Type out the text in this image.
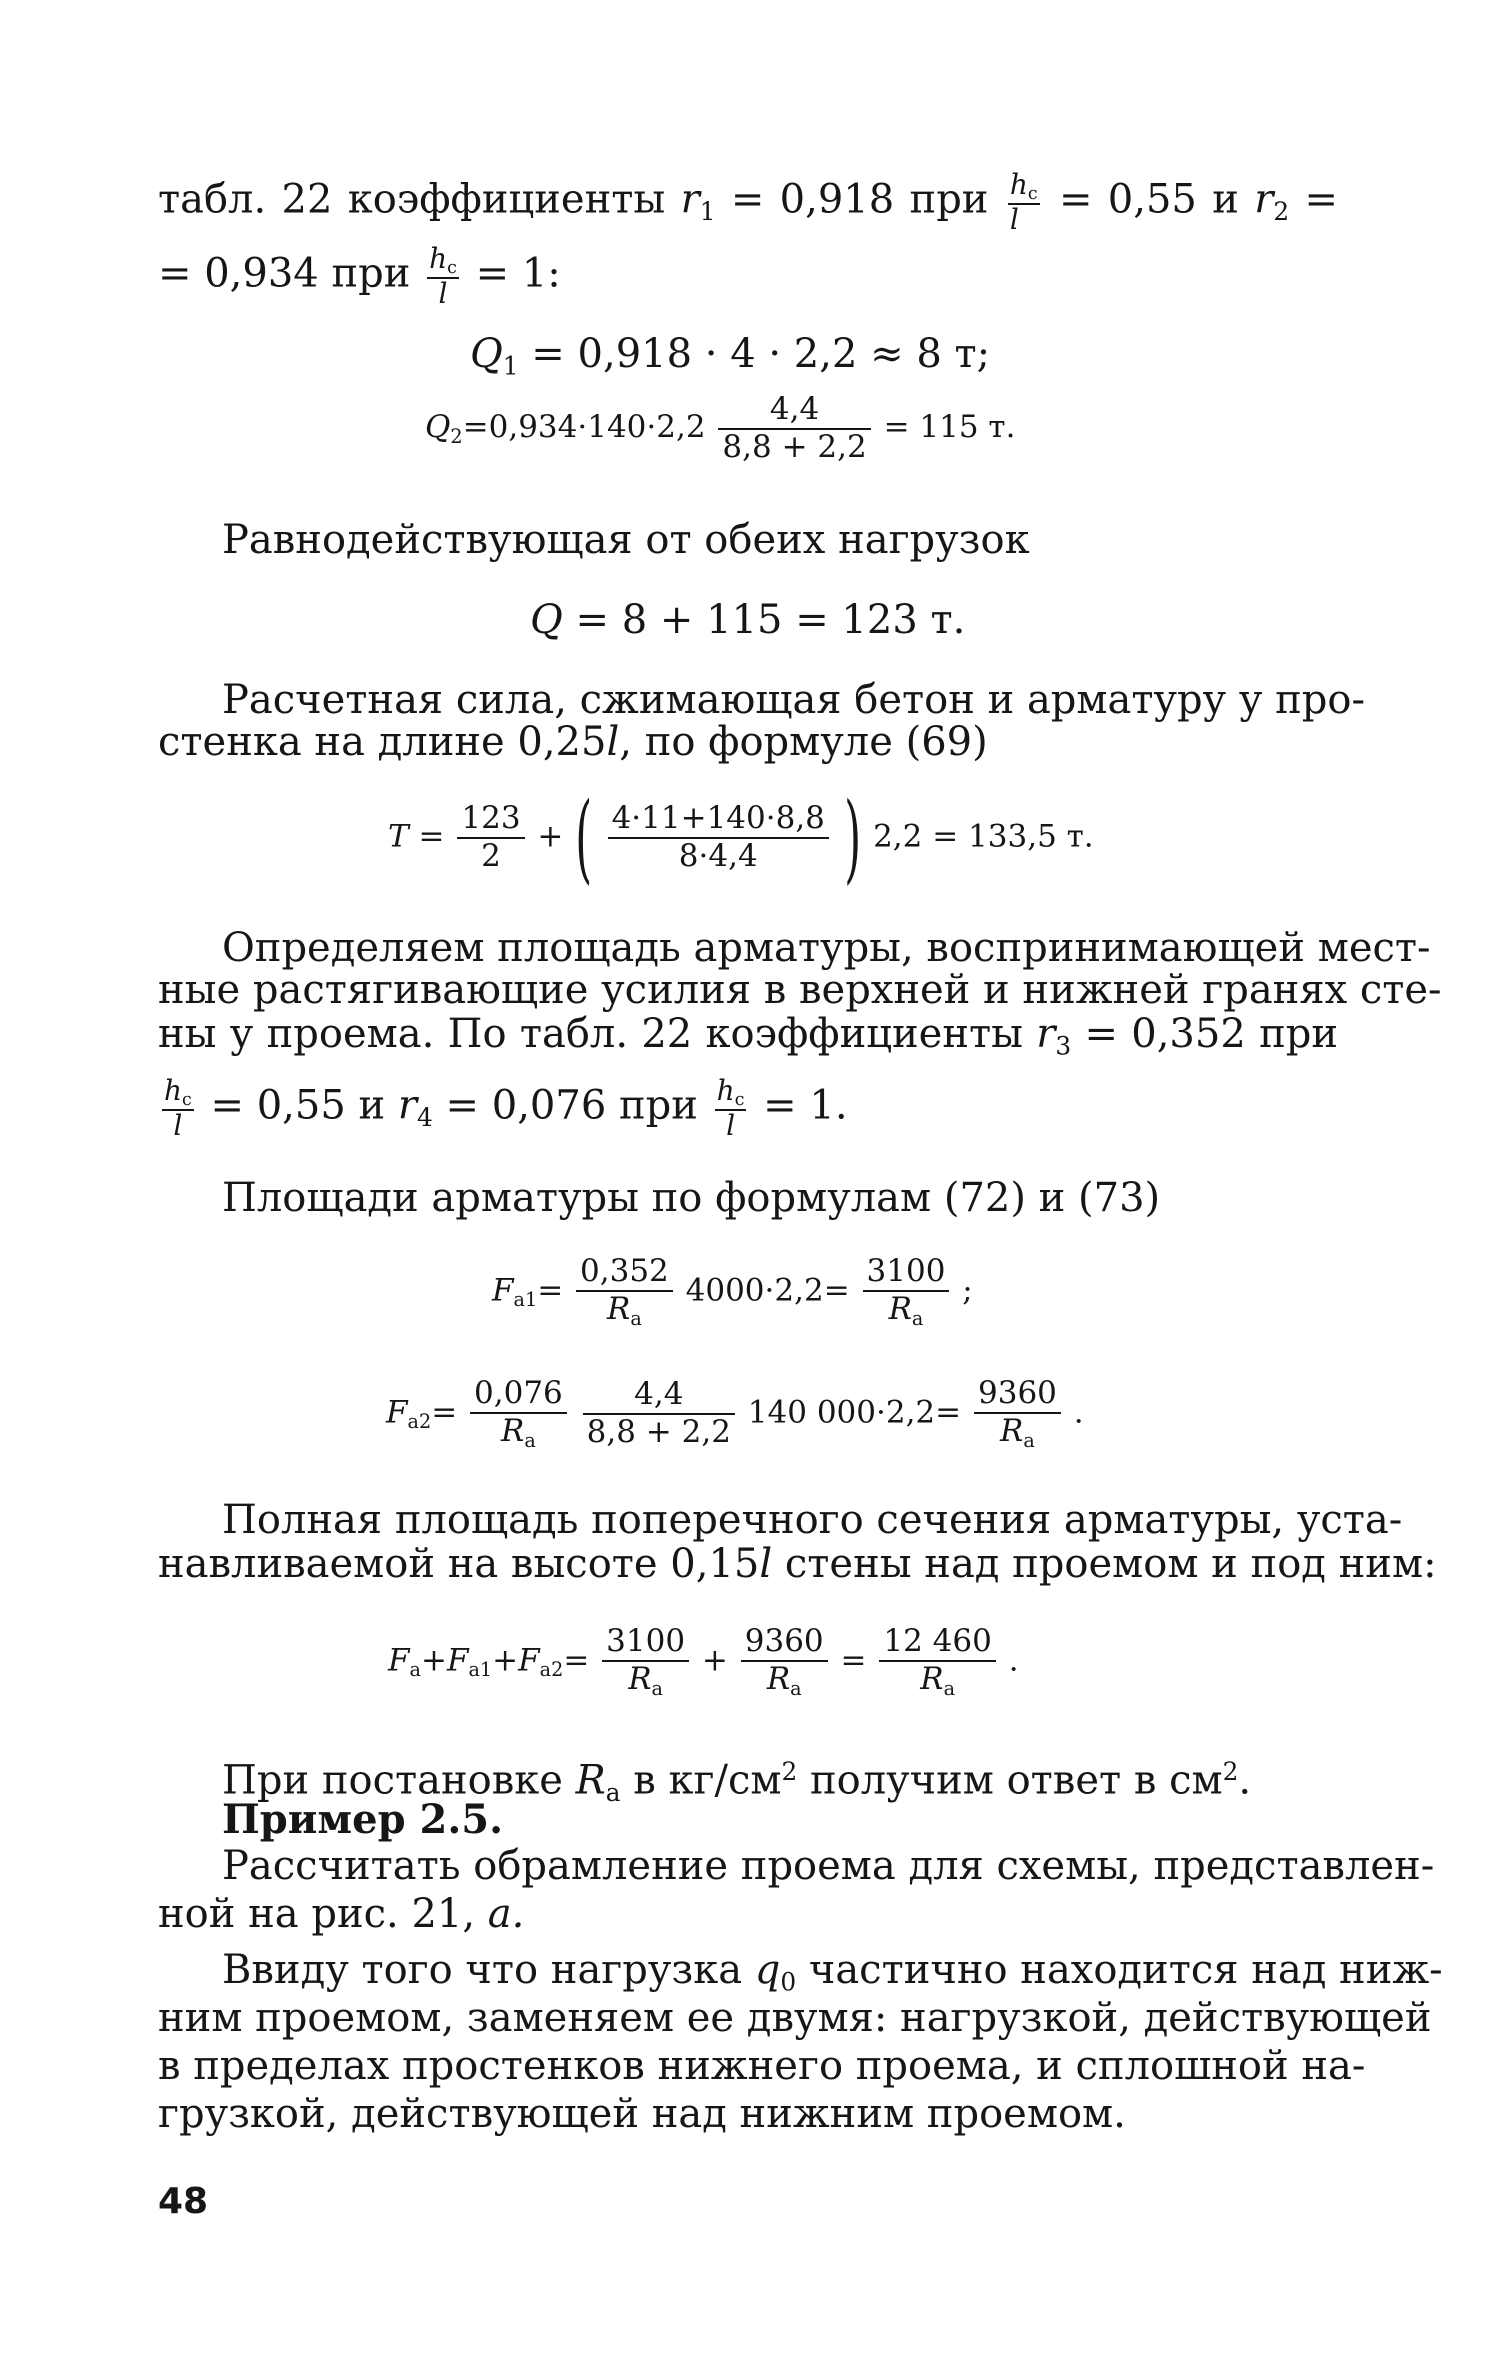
табл. 22 коэффициенты $r_1 = 0,918$ при $\frac{h_c}{l} = 0,55$ и $r_2$ =
= 0,934 при $\frac{h_c}{l} = 1$:
$Q_1 = 0,918 \cdot 4 \cdot 2,2 \approx 8$ т;
$Q_2=0,934\cdot 140\cdot 2,2 \frac{4,4}{8,8 + 2,2} = 115$ т.
Равнодействующая от обеих нагрузок
Q = 8 + 115 = 123 т.
Расчетная сила, сжимающая бетон и арматуру у про-
стенка на длине 0,25l, по формуле (69)
$T = \frac{123}{2}$ + ( $\frac{4\cdot 11+140\cdot 8,8}{8\cdot 4,4}$ ) 2,2 = 133,5 т.
Определяем площадь арматуры, воспринимающей мест-
ные растягивающие усилия в верхней и нижней гранях сте-
ны у проема. По табл. 22 коэффициенты $r_3 = 0,352$ при
$\frac{h_c}{l} = 0,55$ и $r_4 = 0,076$ при $\frac{h_c}{l} = 1$.
Площади арматуры по формулам (72) и (73)
$F_{a1}= \frac{0,352}{R_a} 4000\cdot 2,2= \frac{3100}{R_a}$ ;
$F_{a2}= \frac{0,076}{R_a}$
$\frac{4,4}{8,8 + 2,2} 140$ $000\cdot 2,2= \frac{9360}{R_a}$ .
Полная площадь поперечного сечения арматуры, уста-
навливаемой на высоте 0,15l стены над проемом и под ним:
$F_a+F_{a1}+F_{a2}= \frac{3100}{R_a} + \frac{9360}{R_a} = \frac{12 460}{R_a}$ .
При постановке $R_a$ в $кг/см^2$ получим ответ в $см^2$.
Пример 2.5.
Рассчитать обрамление проема для схемы, представлен-
ной на рис. 21, а.
Ввиду того что нагрузка $q_0$ частично находится над ниж-
ним проемом, заменяем ее двумя: нагрузкой, действующей
в пределах простенков нижнего проема, и сплошной на-
грузкой, действующей над нижним проемом.
48
